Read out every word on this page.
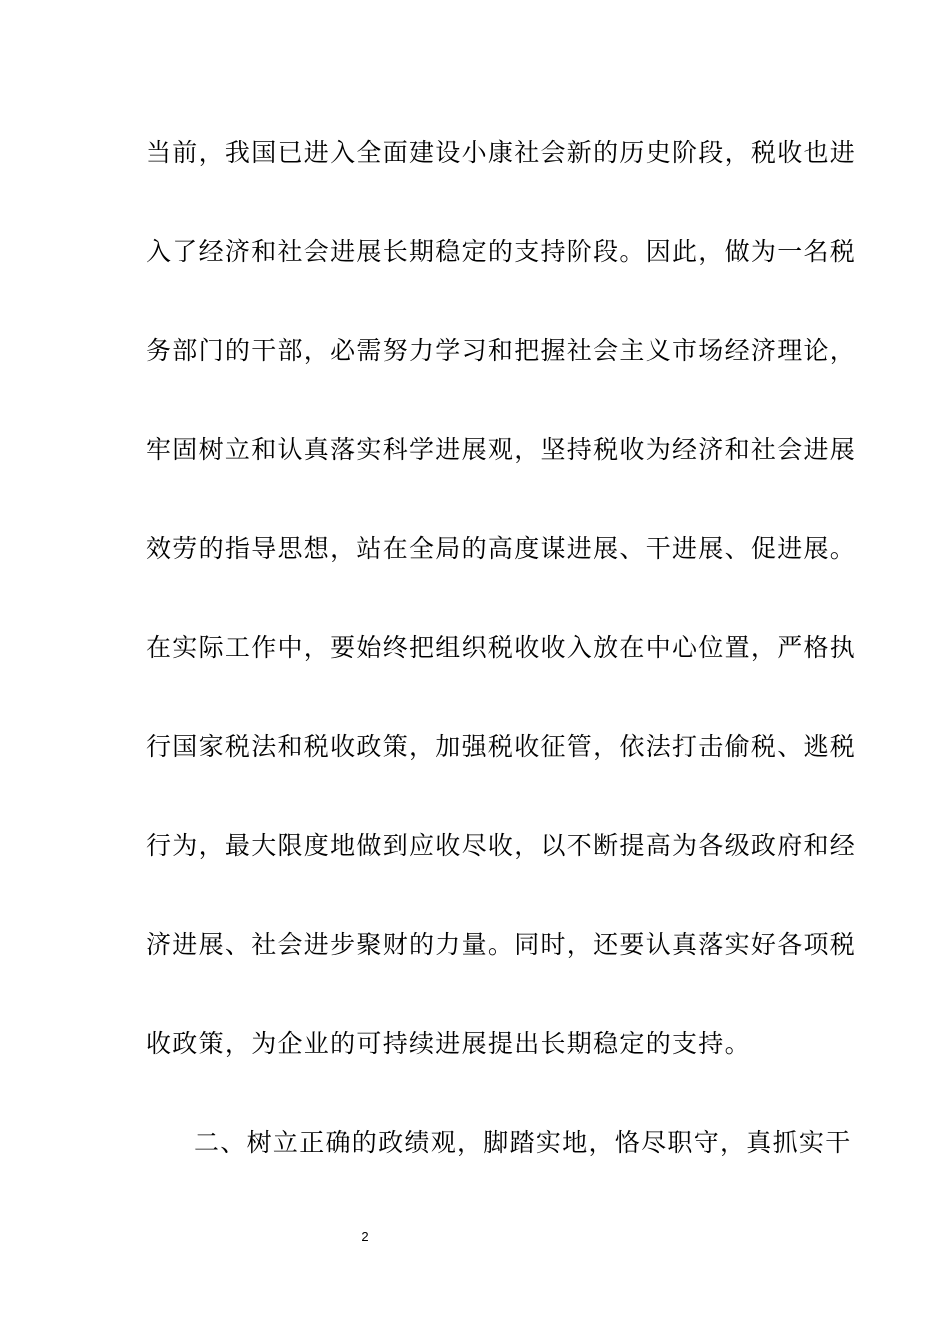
当前，我国已进入全面建设小康社会新的历史阶段，税收也进
入了经济和社会进展长期稳定的支持阶段。因此，做为一名税
务部门的干部，必需努力学习和把握社会主义市场经济理论，
牢固树立和认真落实科学进展观，坚持税收为经济和社会进展
效劳的指导思想，站在全局的高度谋进展、干进展、促进展。
在实际工作中，要始终把组织税收收入放在中心位置，严格执
行国家税法和税收政策，加强税收征管，依法打击偷税、逃税
行为，最大限度地做到应收尽收，以不断提高为各级政府和经
济进展、社会进步聚财的力量。同时，还要认真落实好各项税
收政策，为企业的可持续进展提出长期稳定的支持。
二、树立正确的政绩观，脚踏实地，恪尽职守，真抓实干
2
